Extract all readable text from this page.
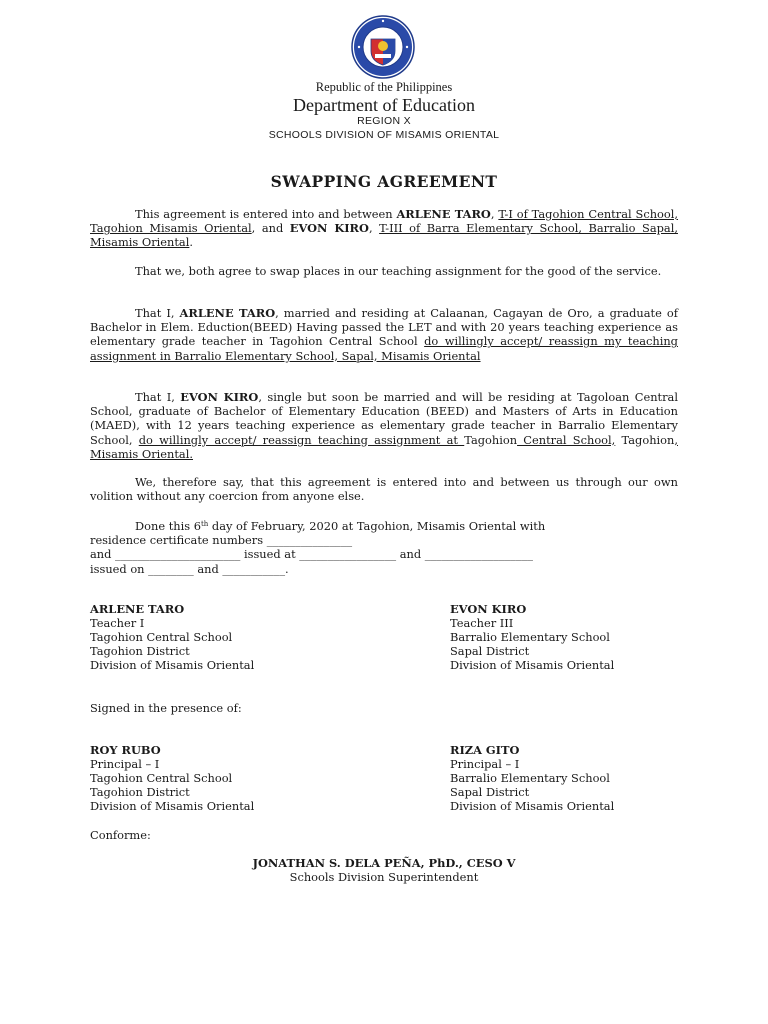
Republic of the Philippines
Department of Education
REGION X
SCHOOLS DIVISION OF MISAMIS ORIENTAL
SWAPPING AGREEMENT
This agreement is entered into and between ARLENE TARO, T-I of Tagohion Central School, Tagohion Misamis Oriental, and EVON KIRO, T-III of Barra Elementary School, Barralio Sapal, Misamis Oriental.
That we, both agree to swap places in our teaching assignment for the good of the service.
That I, ARLENE TARO, married and residing at Calaanan, Cagayan de Oro, a graduate of Bachelor in Elem. Eduction(BEED) Having passed the LET and with 20 years teaching experience as elementary grade teacher in Tagohion Central School do willingly accept/ reassign my teaching assignment in Barralio Elementary School, Sapal, Misamis Oriental
That I, EVON KIRO, single but soon be married and will be residing at Tagoloan Central School, graduate of Bachelor of Elementary Education (BEED) and Masters of Arts in Education (MAED), with 12 years teaching experience as elementary grade teacher in Barralio Elementary School, do willingly accept/ reassign teaching assignment at Tagohion Central School, Tagohion, Misamis Oriental.
We, therefore say, that this agreement is entered into and between us through our own volition without any coercion from anyone else.
Done this 6th day of February, 2020 at Tagohion, Misamis Oriental with
residence certificate numbers _______________
and ______________________ issued at _________________ and ___________________
issued on ________ and ___________.
ARLENE TARO
Teacher I
Tagohion Central School
Tagohion District
Division of Misamis Oriental
EVON KIRO
Teacher III
Barralio Elementary School
Sapal District
Division of Misamis Oriental
Signed in the presence of:
ROY RUBO
Principal – I
Tagohion Central School
Tagohion District
Division of Misamis Oriental
RIZA GITO
Principal – I
Barralio Elementary School
Sapal District
Division of Misamis Oriental
Conforme:
JONATHAN S. DELA PEÑA, PhD., CESO V
Schools Division Superintendent
